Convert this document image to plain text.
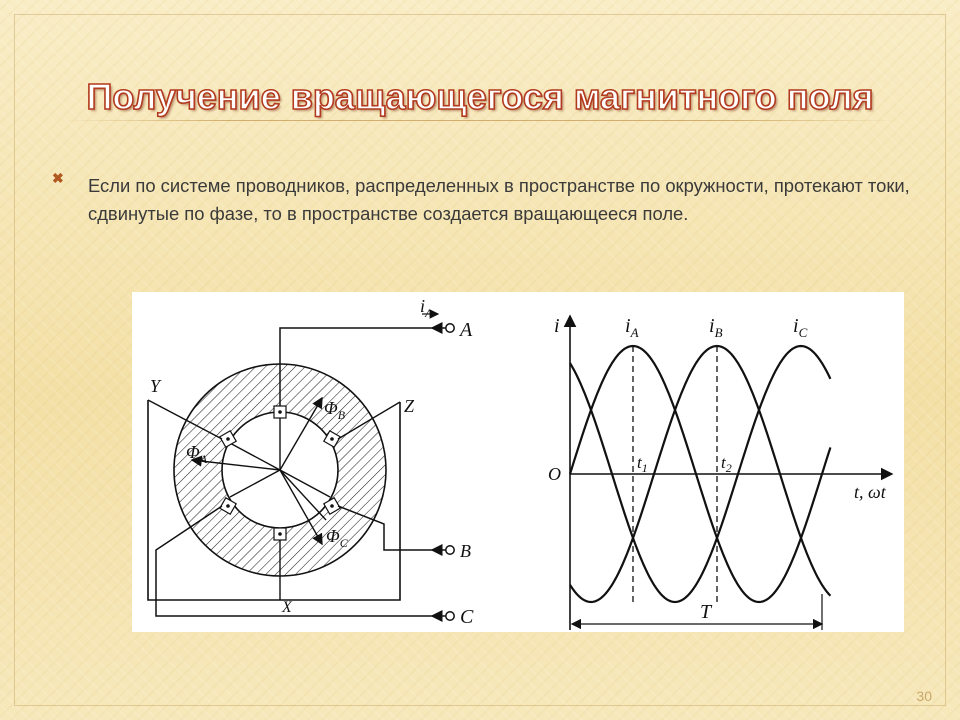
Получение вращающегося магнитного поля
✖ Если по системе проводников, распределенных в пространстве по окружности, протекают токи, сдвинутые по фазе, то в пространстве создается вращающееся поле.
$i_A$
A
B
C
Y
Z
X
$\Phi_A$
$\Phi_B$
$\Phi_C$
i
O
t, ωt
$t_1$	$t_2$
$i_A$	$i_B$	$i_C$
T
30
